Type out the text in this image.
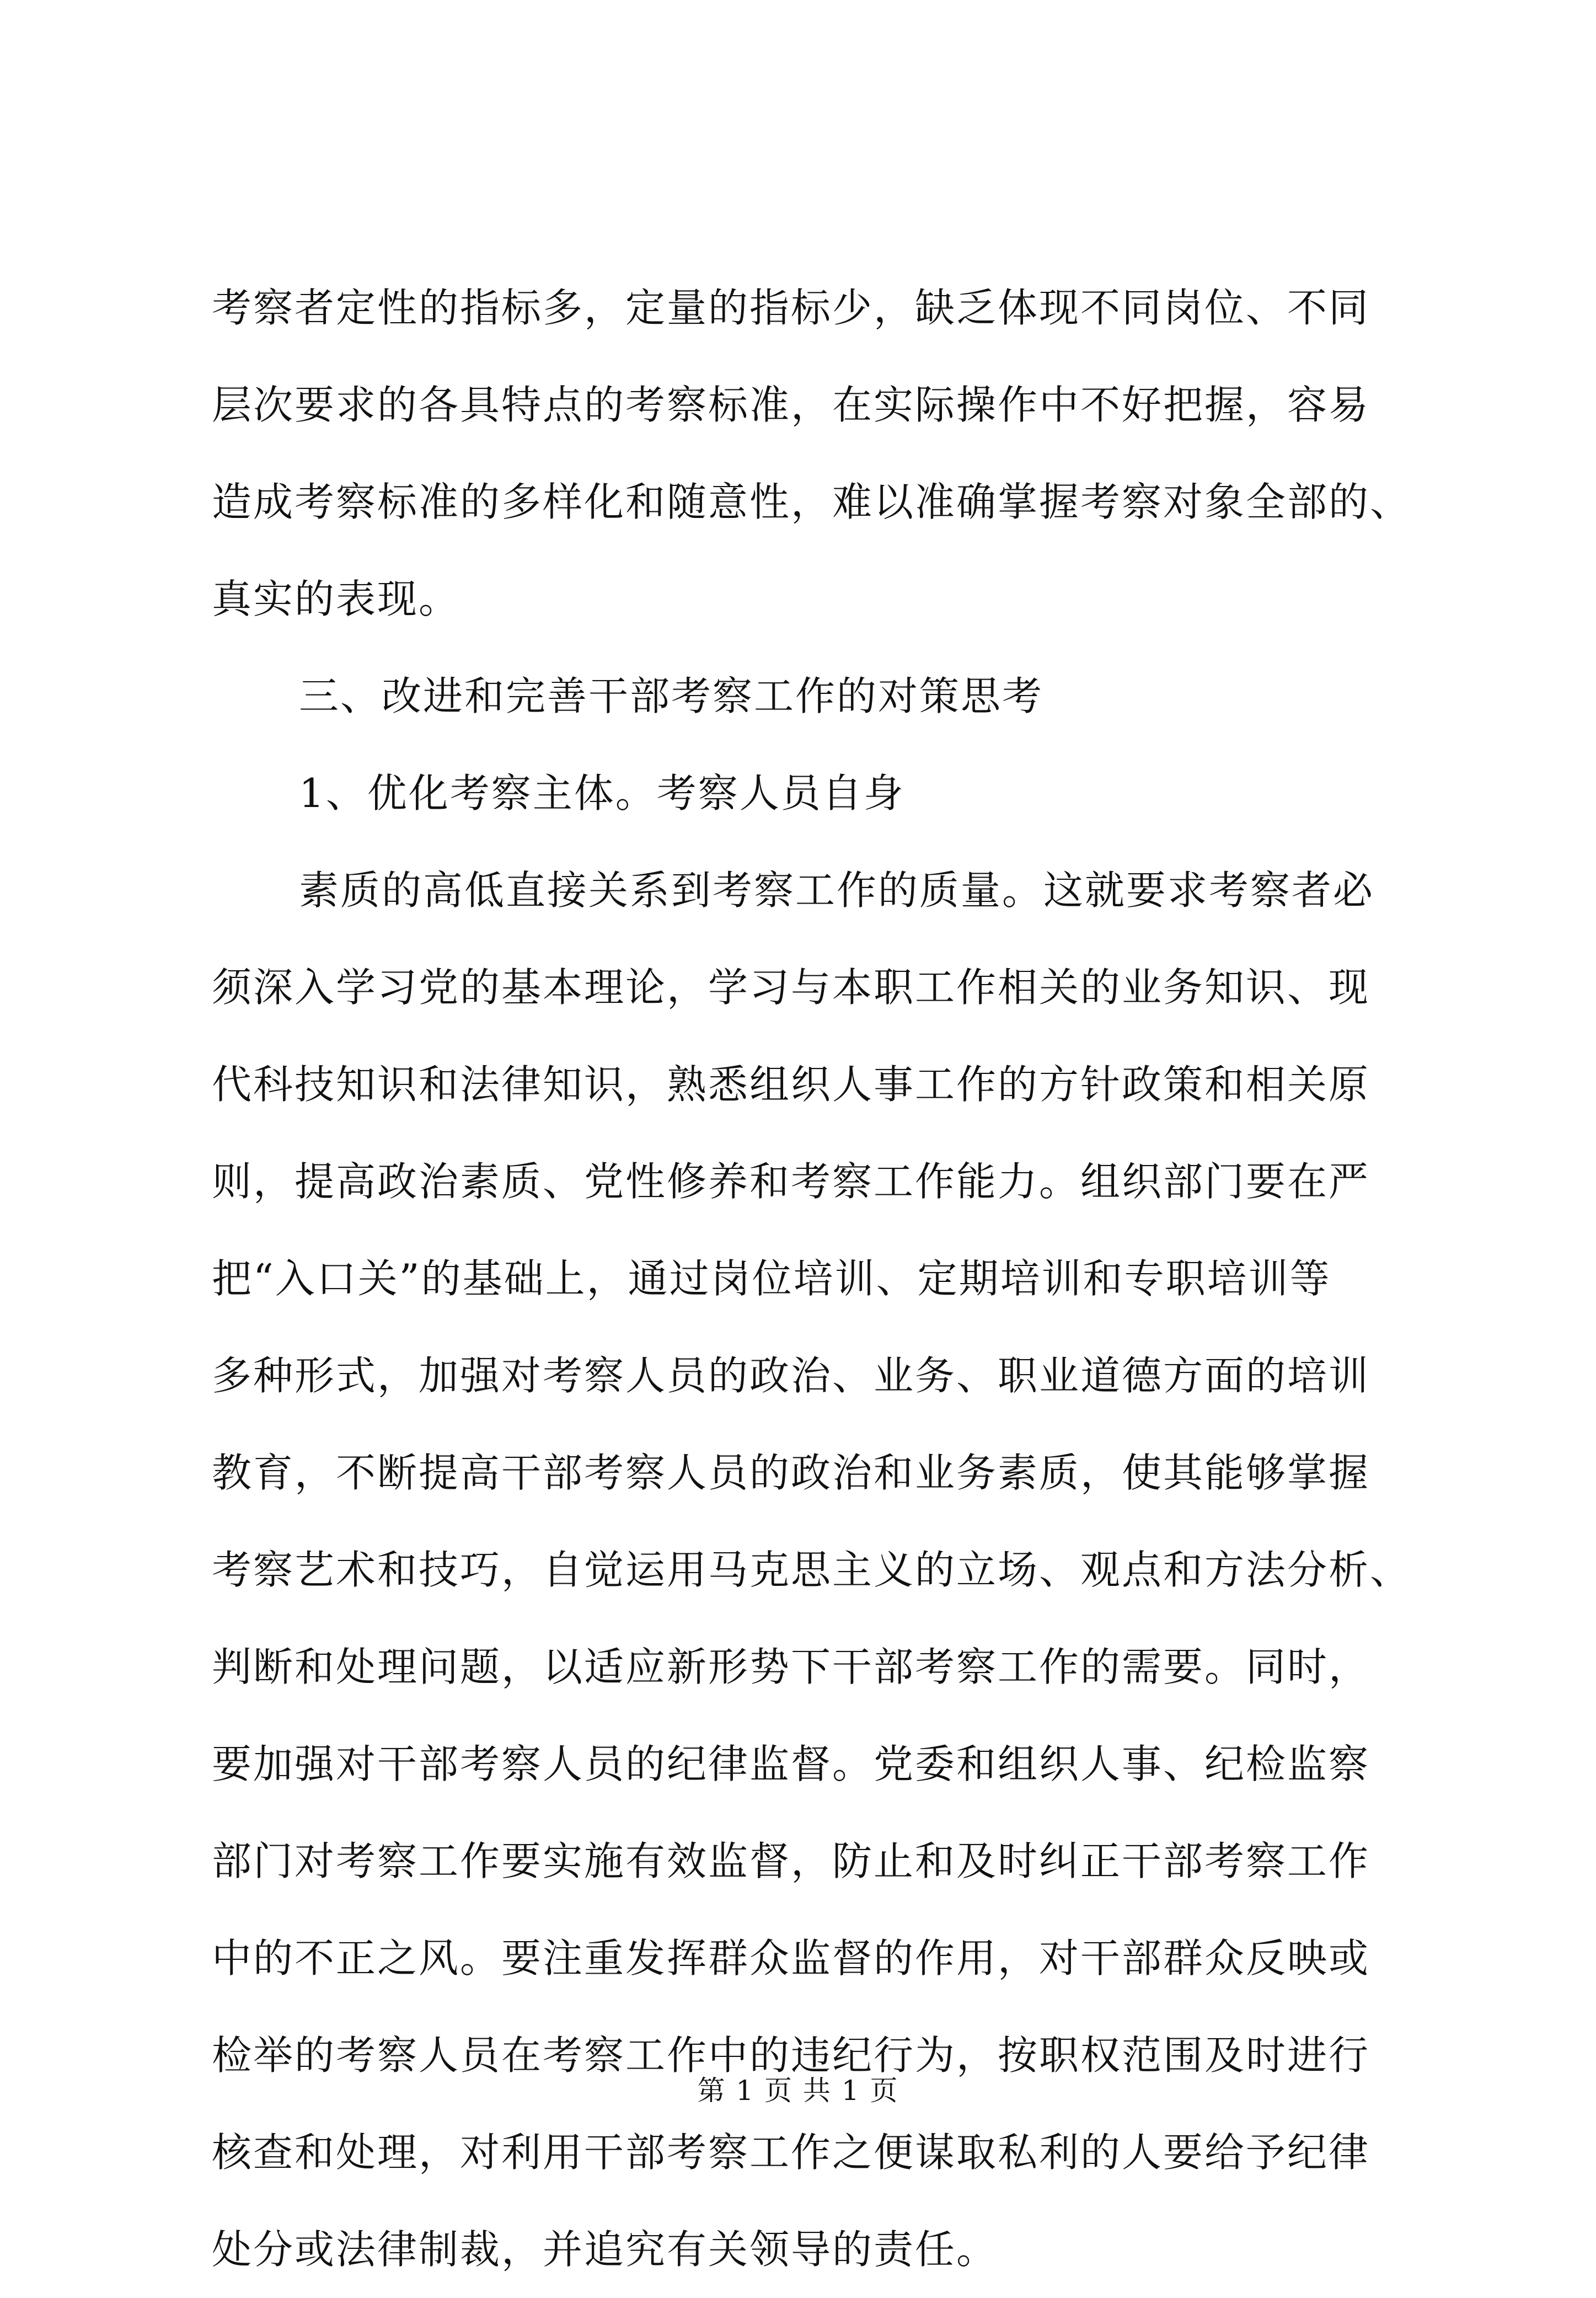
考察者定性的指标多，定量的指标少，缺乏体现不同岗位、不同
层次要求的各具特点的考察标准，在实际操作中不好把握，容易
造成考察标准的多样化和随意性，难以准确掌握考察对象全部的、
真实的表现。
三、改进和完善干部考察工作的对策思考
1、优化考察主体。考察人员自身
素质的高低直接关系到考察工作的质量。这就要求考察者必
须深入学习党的基本理论，学习与本职工作相关的业务知识、现
代科技知识和法律知识，熟悉组织人事工作的方针政策和相关原
则，提高政治素质、党性修养和考察工作能力。组织部门要在严
把“入口关”的基础上，通过岗位培训、定期培训和专职培训等
多种形式，加强对考察人员的政治、业务、职业道德方面的培训
教育，不断提高干部考察人员的政治和业务素质，使其能够掌握
考察艺术和技巧，自觉运用马克思主义的立场、观点和方法分析、
判断和处理问题，以适应新形势下干部考察工作的需要。同时，
要加强对干部考察人员的纪律监督。党委和组织人事、纪检监察
部门对考察工作要实施有效监督，防止和及时纠正干部考察工作
中的不正之风。要注重发挥群众监督的作用，对干部群众反映或
检举的考察人员在考察工作中的违纪行为，按职权范围及时进行
核查和处理，对利用干部考察工作之便谋取私利的人要给予纪律
处分或法律制裁，并追究有关领导的责任。
第 1 页 共 1 页
